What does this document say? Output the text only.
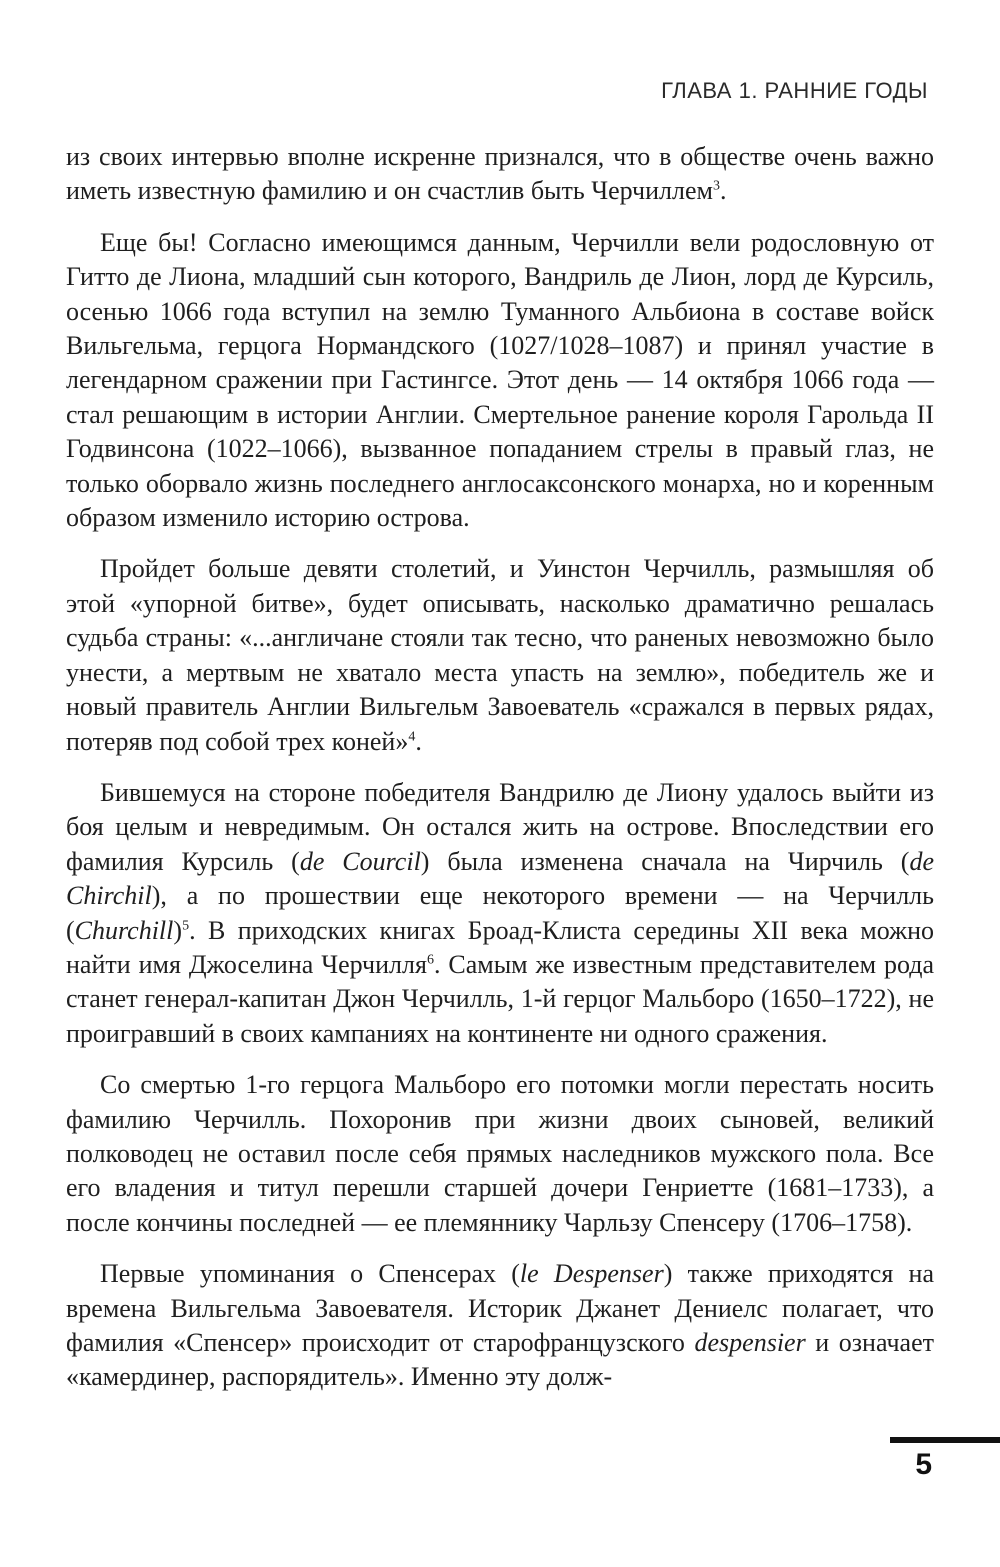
ГЛАВА 1. РАННИЕ ГОДЫ

из своих интервью вполне искренне признался, что в обществе очень важно иметь известную фамилию и он счастлив быть Черчиллем$^3$.

Еще бы! Согласно имеющимся данным, Черчилли вели родословную от Гитто де Лиона, младший сын которого, Вандриль де Лион, лорд де Курсиль, осенью 1066 года вступил на землю Туманного Альбиона в составе войск Вильгельма, герцога Нормандского (1027/1028–1087) и принял участие в легендарном сражении при Гастингсе. Этот день — 14 октября 1066 года — стал решающим в истории Англии. Смертельное ранение короля Гарольда II Годвинсона (1022–1066), вызванное попаданием стрелы в правый глаз, не только оборвало жизнь последнего англосаксонского монарха, но и коренным образом изменило историю острова.

Пройдет больше девяти столетий, и Уинстон Черчилль, размышляя об этой «упорной битве», будет описывать, насколько драматично решалась судьба страны: «...англичане стояли так тесно, что раненых невозможно было унести, а мертвым не хватало места упасть на землю», победитель же и новый правитель Англии Вильгельм Завоеватель «сражался в первых рядах, потеряв под собой трех коней»$^4$.

Бившемуся на стороне победителя Вандрилю де Лиону удалось выйти из боя целым и невредимым. Он остался жить на острове. Впоследствии его фамилия Курсиль (de Courcil) была изменена сначала на Чирчиль (de Chirchil), а по прошествии еще некоторого времени — на Черчилль (Churchill)$^5$. В приходских книгах Броад-Клиста середины XII века можно найти имя Джоселина Черчилля$^6$. Самым же известным представителем рода станет генерал-капитан Джон Черчилль, 1-й герцог Мальборо (1650–1722), не проигравший в своих кампаниях на континенте ни одного сражения.

Со смертью 1-го герцога Мальборо его потомки могли перестать носить фамилию Черчилль. Похоронив при жизни двоих сыновей, великий полководец не оставил после себя прямых наследников мужского пола. Все его владения и титул перешли старшей дочери Генриетте (1681–1733), а после кончины последней — ее племяннику Чарльзу Спенсеру (1706–1758).

Первые упоминания о Спенсерах (le Despenser) также приходятся на времена Вильгельма Завоевателя. Историк Джанет Дениелс полагает, что фамилия «Спенсер» происходит от старофранцузского despensier и означает «камердинер, распорядитель». Именно эту долж-

5
